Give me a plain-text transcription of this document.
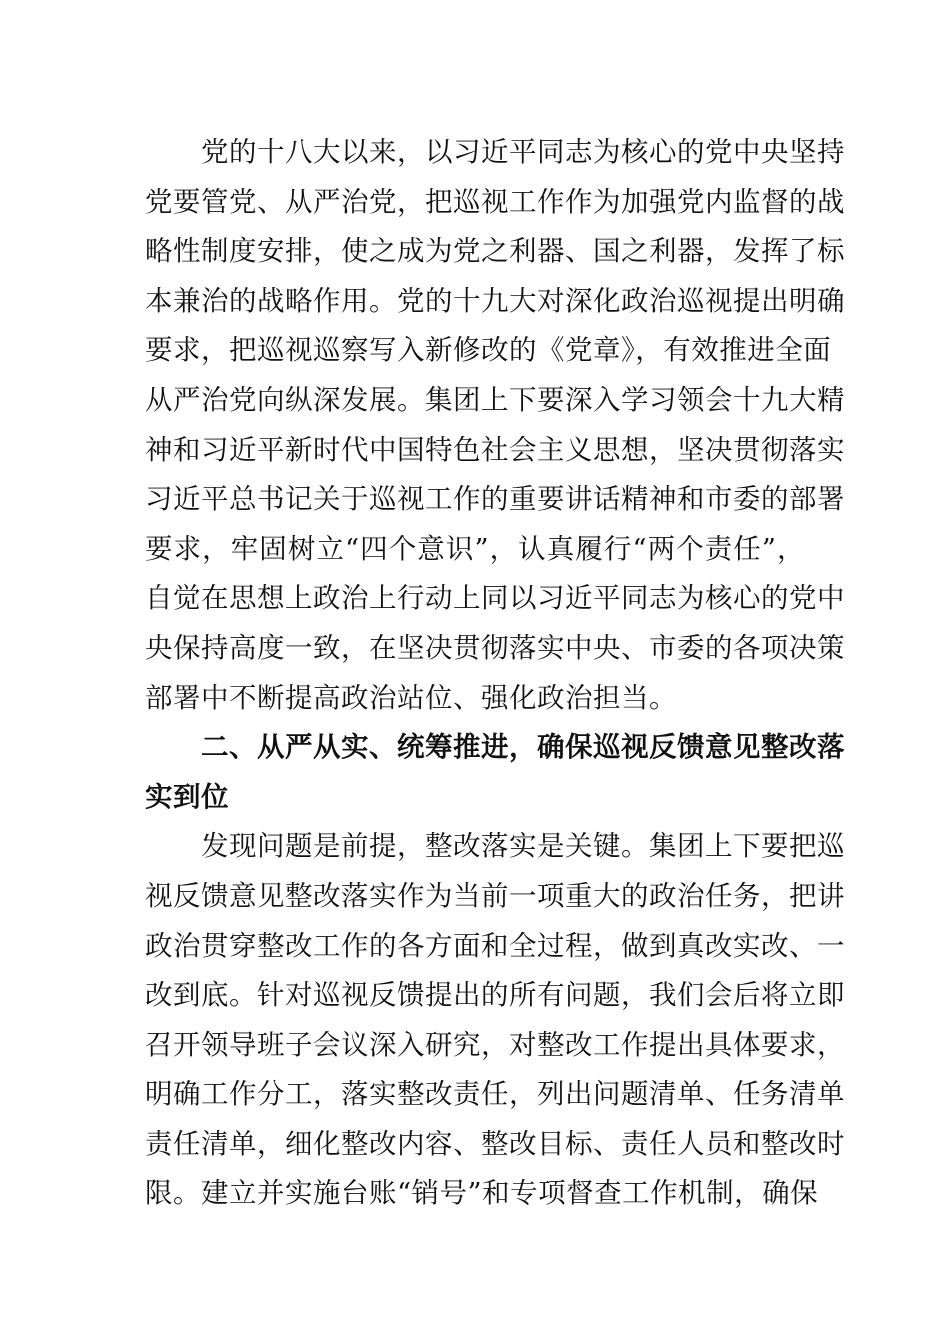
党的十八大以来，以习近平同志为核心的党中央坚持
党要管党、从严治党，把巡视工作作为加强党内监督的战
略性制度安排，使之成为党之利器、国之利器，发挥了标
本兼治的战略作用。党的十九大对深化政治巡视提出明确
要求，把巡视巡察写入新修改的《党章》，有效推进全面
从严治党向纵深发展。集团上下要深入学习领会十九大精
神和习近平新时代中国特色社会主义思想，坚决贯彻落实
习近平总书记关于巡视工作的重要讲话精神和市委的部署
要求，牢固树立“四个意识”，认真履行“两个责任”，
自觉在思想上政治上行动上同以习近平同志为核心的党中
央保持高度一致，在坚决贯彻落实中央、市委的各项决策
部署中不断提高政治站位、强化政治担当。
二、从严从实、统筹推进，确保巡视反馈意见整改落
实到位
发现问题是前提，整改落实是关键。集团上下要把巡
视反馈意见整改落实作为当前一项重大的政治任务，把讲
政治贯穿整改工作的各方面和全过程，做到真改实改、一
改到底。针对巡视反馈提出的所有问题，我们会后将立即
召开领导班子会议深入研究，对整改工作提出具体要求，
明确工作分工，落实整改责任，列出问题清单、任务清单
责任清单，细化整改内容、整改目标、责任人员和整改时
限。建立并实施台账“销号”和专项督查工作机制，确保
